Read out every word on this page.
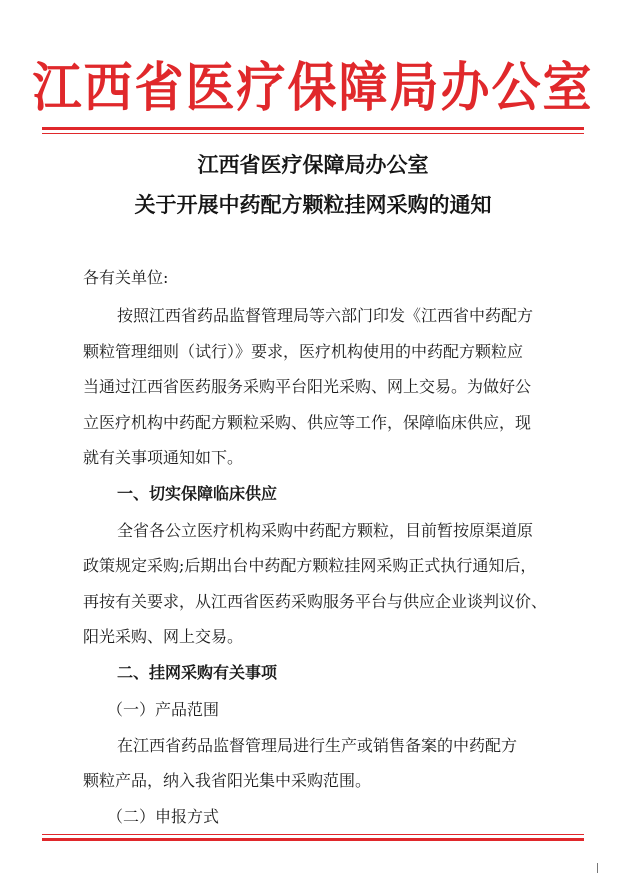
江西省医疗保障局办公室
江西省医疗保障局办公室
关于开展中药配方颗粒挂网采购的通知
各有关单位:
按照江西省药品监督管理局等六部门印发《江西省中药配方
颗粒管理细则（试行）》要求，医疗机构使用的中药配方颗粒应
当通过江西省医药服务采购平台阳光采购、网上交易。为做好公
立医疗机构中药配方颗粒采购、供应等工作，保障临床供应，现
就有关事项通知如下。
一、切实保障临床供应
全省各公立医疗机构采购中药配方颗粒，目前暂按原渠道原
政策规定采购;后期出台中药配方颗粒挂网采购正式执行通知后，
再按有关要求，从江西省医药采购服务平台与供应企业谈判议价、
阳光采购、网上交易。
二、挂网采购有关事项
（一）产品范围
在江西省药品监督管理局进行生产或销售备案的中药配方
颗粒产品，纳入我省阳光集中采购范围。
（二）申报方式
